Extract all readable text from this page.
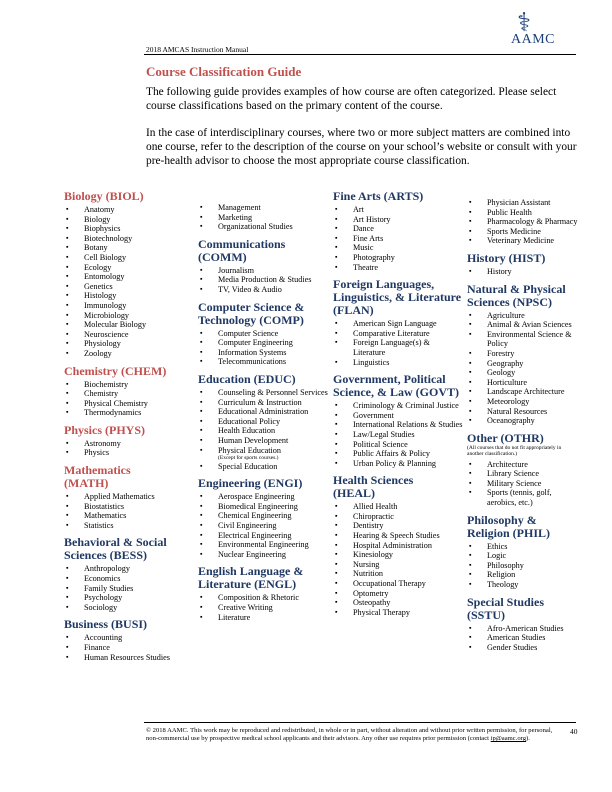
⚕
AAMC
2018 AMCAS Instruction Manual
Course Classification Guide
The following guide provides examples of how course are often categorized. Please select course classifications based on the primary content of the course.
In the case of interdisciplinary courses, where two or more subject matters are combined into one course, refer to the description of the course on your school’s website or consult with your pre-health advisor to choose the most appropriate course classification.

Biology (BIOL)

▪ Anatomy
▪ Biology
▪ Biophysics
▪ Biotechnology
▪ Botany
▪ Cell Biology
▪ Ecology
▪ Entomology
▪ Genetics
▪ Histology
▪ Immunology
▪ Microbiology
▪ Molecular Biology
▪ Neuroscience
▪ Physiology
▪ Zoology

Chemistry (CHEM)

▪ Biochemistry
▪ Chemistry
▪ Physical Chemistry
▪ Thermodynamics

Physics (PHYS)

▪ Astronomy
▪ Physics

Mathematics (MATH)

▪ Applied Mathematics
▪ Biostatistics
▪ Mathematics
▪ Statistics

Behavioral & Social Sciences (BESS)

▪ Anthropology
▪ Economics
▪ Family Studies
▪ Psychology
▪ Sociology

Business (BUSI)

▪ Accounting
▪ Finance
▪ Human Resources Studies
▪ Management
▪ Marketing
▪ Organizational Studies

Communications (COMM)

▪ Journalism
▪ Media Production & Studies
▪ TV, Video & Audio

Computer Science & Technology (COMP)

▪ Computer Science
▪ Computer Engineering
▪ Information Systems
▪ Telecommunications

Education (EDUC)

▪ Counseling & Personnel Services
▪ Curriculum & Instruction
▪ Educational Administration
▪ Educational Policy
▪ Health Education
▪ Human Development
▪ Physical Education
(Except for sports courses.)
▪ Special Education

Engineering (ENGI)

▪ Aerospace Engineering
▪ Biomedical Engineering
▪ Chemical Engineering
▪ Civil Engineering
▪ Electrical Engineering
▪ Environmental Engineering
▪ Nuclear Engineering

English Language & Literature (ENGL)

▪ Composition & Rhetoric
▪ Creative Writing
▪ Literature

Fine Arts (ARTS)

▪ Art
▪ Art History
▪ Dance
▪ Fine Arts
▪ Music
▪ Photography
▪ Theatre

Foreign Languages, Linguistics, & Literature (FLAN)

▪ American Sign Language
▪ Comparative Literature
▪ Foreign Language(s) & Literature
▪ Linguistics

Government, Political Science, & Law (GOVT)

▪ Criminology & Criminal Justice
▪ Government
▪ International Relations & Studies
▪ Law/Legal Studies
▪ Political Science
▪ Public Affairs & Policy
▪ Urban Policy & Planning

Health Sciences (HEAL)

▪ Allied Health
▪ Chiropractic
▪ Dentistry
▪ Hearing & Speech Studies
▪ Hospital Administration
▪ Kinesiology
▪ Nursing
▪ Nutrition
▪ Occupational Therapy
▪ Optometry
▪ Osteopathy
▪ Physical Therapy
▪ Physician Assistant
▪ Public Health
▪ Pharmacology & Pharmacy
▪ Sports Medicine
▪ Veterinary Medicine

History (HIST)

▪ History

Natural & Physical Sciences (NPSC)

▪ Agriculture
▪ Animal & Avian Sciences
▪ Environmental Science & Policy
▪ Forestry
▪ Geography
▪ Geology
▪ Horticulture
▪ Landscape Architecture
▪ Meteorology
▪ Natural Resources
▪ Oceanography

Other (OTHR)

(All courses that do not fit appropriately in another classification.)
▪ Architecture
▪ Library Science
▪ Military Science
▪ Sports (tennis, golf, aerobics, etc.)

Philosophy & Religion (PHIL)

▪ Ethics
▪ Logic
▪ Philosophy
▪ Religion
▪ Theology

Special Studies (SSTU)

▪ Afro-American Studies
▪ American Studies
▪ Gender Studies
© 2018 AAMC. This work may be reproduced and redistributed, in whole or in part, without alteration and without prior written permission, for personal, non-commercial use by prospective medical school applicants and their advisors. Any other use requires prior permission (contact ip@aamc.org).
40
